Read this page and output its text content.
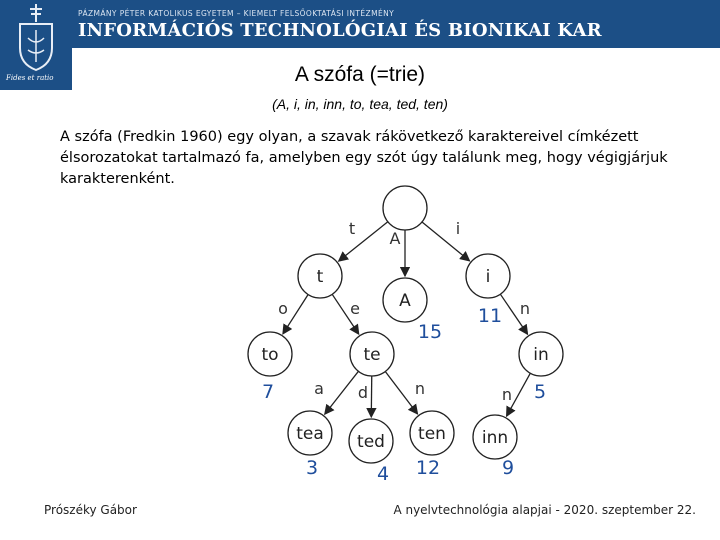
Fides et ratio
PÁZMÁNY PÉTER KATOLIKUS EGYETEM – KIEMELT FELSŐOKTATÁSI INTÉZMÉNY
INFORMÁCIÓS TECHNOLÓGIAI ÉS BIONIKAI KAR
A szófa (=trie)
(A, i, in, inn, to, tea, ted, ten)
A szófa (Fredkin 1960) egy olyan, a szavak rákövetkező karaktereivel címkézett élsorozatokat tartalmazó fa, amelyben egy szót úgy találunk meg, hogy végigjárjuk karakterenként.
t
A
i
o	e	n
a d	n	n
t
A
15
i
11
to
7
te	in
5
tea
3
ted
4
ten
12
inn
9
Prószéky Gábor	A nyelvtechnológia alapjai - 2020. szeptember 22.
